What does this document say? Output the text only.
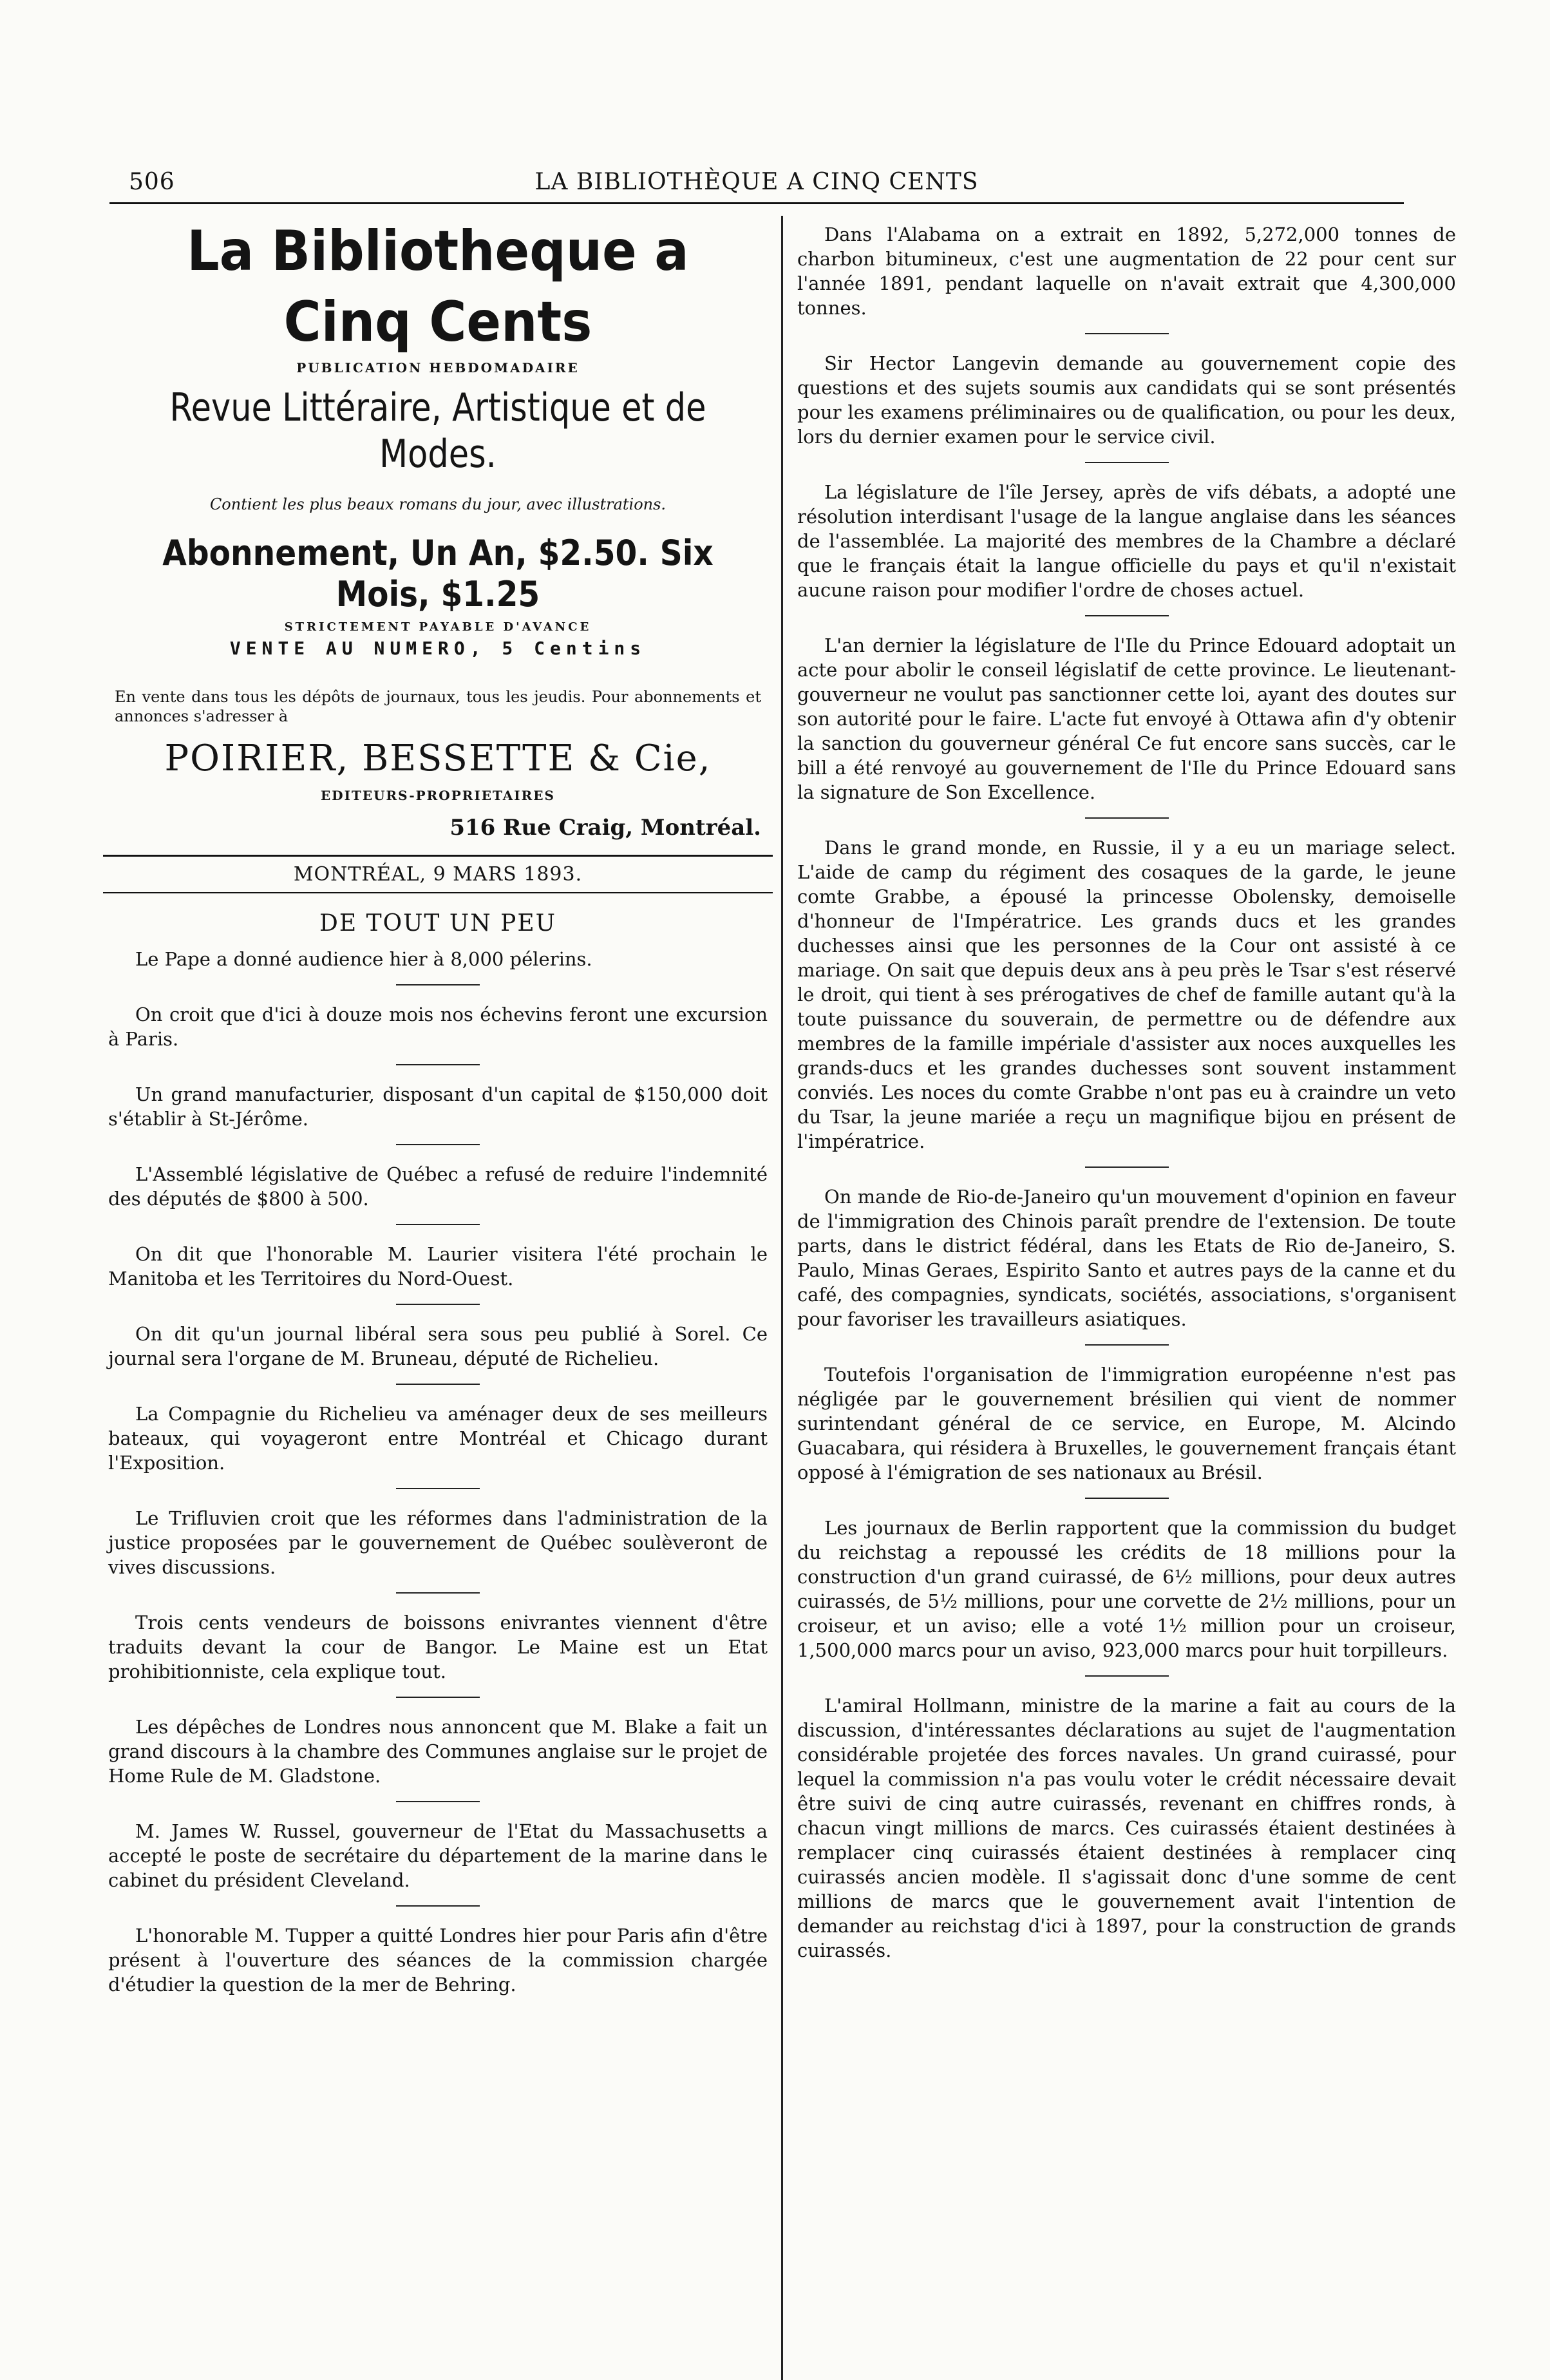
506	LA BIBLIOTHÈQUE A CINQ CENTS
La Bibliotheque a Cinq Cents
PUBLICATION HEBDOMADAIRE
Revue Littéraire, Artistique et de Modes.
Contient les plus beaux romans du jour, avec illustrations.
Abonnement, Un An, $2.50. Six Mois, $1.25
STRICTEMENT PAYABLE D'AVANCE
VENTE AU NUMERO, 5 Centins
En vente dans tous les dépôts de journaux, tous les jeudis. Pour abonnements et annonces s'adresser à
POIRIER, BESSETTE & Cie,
EDITEURS-PROPRIETAIRES
516 Rue Craig, Montréal.
MONTRÉAL, 9 MARS 1893.
DE TOUT UN PEU

Le Pape a donné audience hier à 8,000 pélerins.

On croit que d'ici à douze mois nos échevins feront une excursion à Paris.

Un grand manufacturier, disposant d'un capital de $150,000 doit s'établir à St-Jérôme.

L'Assemblé législative de Québec a refusé de reduire l'indemnité des députés de $800 à 500.

On dit que l'honorable M. Laurier visitera l'été prochain le Manitoba et les Territoires du Nord-Ouest.

On dit qu'un journal libéral sera sous peu publié à Sorel. Ce journal sera l'organe de M. Bruneau, député de Richelieu.

La Compagnie du Richelieu va aménager deux de ses meilleurs bateaux, qui voyageront entre Montréal et Chicago durant l'Exposition.

Le Trifluvien croit que les réformes dans l'administration de la justice proposées par le gouvernement de Québec soulèveront de vives discussions.

Trois cents vendeurs de boissons enivrantes viennent d'être traduits devant la cour de Bangor. Le Maine est un Etat prohibitionniste, cela explique tout.

Les dépêches de Londres nous annoncent que M. Blake a fait un grand discours à la chambre des Communes anglaise sur le projet de Home Rule de M. Gladstone.

M. James W. Russel, gouverneur de l'Etat du Massachusetts a accepté le poste de secrétaire du département de la marine dans le cabinet du président Cleveland.

L'honorable M. Tupper a quitté Londres hier pour Paris afin d'être présent à l'ouverture des séances de la commission chargée d'étudier la question de la mer de Behring.

Dans l'Alabama on a extrait en 1892, 5,272,000 tonnes de charbon bitumineux, c'est une augmentation de 22 pour cent sur l'année 1891, pendant laquelle on n'avait extrait que 4,300,000 tonnes.

Sir Hector Langevin demande au gouvernement copie des questions et des sujets soumis aux candidats qui se sont présentés pour les examens préliminaires ou de qualification, ou pour les deux, lors du dernier examen pour le service civil.

La législature de l'île Jersey, après de vifs débats, a adopté une résolution interdisant l'usage de la langue anglaise dans les séances de l'assemblée. La majorité des membres de la Chambre a déclaré que le français était la langue officielle du pays et qu'il n'existait aucune raison pour modifier l'ordre de choses actuel.

L'an dernier la législature de l'Ile du Prince Edouard adoptait un acte pour abolir le conseil législatif de cette province. Le lieutenant-gouverneur ne voulut pas sanctionner cette loi, ayant des doutes sur son autorité pour le faire. L'acte fut envoyé à Ottawa afin d'y obtenir la sanction du gouverneur général Ce fut encore sans succès, car le bill a été renvoyé au gouvernement de l'Ile du Prince Edouard sans la signature de Son Excellence.

Dans le grand monde, en Russie, il y a eu un mariage select. L'aide de camp du régiment des cosaques de la garde, le jeune comte Grabbe, a épousé la princesse Obolensky, demoiselle d'honneur de l'Impératrice. Les grands ducs et les grandes duchesses ainsi que les personnes de la Cour ont assisté à ce mariage. On sait que depuis deux ans à peu près le Tsar s'est réservé le droit, qui tient à ses prérogatives de chef de famille autant qu'à la toute puissance du souverain, de permettre ou de défendre aux membres de la famille impériale d'assister aux noces auxquelles les grands-ducs et les grandes duchesses sont souvent instamment conviés. Les noces du comte Grabbe n'ont pas eu à craindre un veto du Tsar, la jeune mariée a reçu un magnifique bijou en présent de l'impératrice.

On mande de Rio-de-Janeiro qu'un mouvement d'opinion en faveur de l'immigration des Chinois paraît prendre de l'extension. De toute parts, dans le district fédéral, dans les Etats de Rio de-Janeiro, S. Paulo, Minas Geraes, Espirito Santo et autres pays de la canne et du café, des compagnies, syndicats, sociétés, associations, s'organisent pour favoriser les travailleurs asiatiques.

Toutefois l'organisation de l'immigration européenne n'est pas négligée par le gouvernement brésilien qui vient de nommer surintendant général de ce service, en Europe, M. Alcindo Guacabara, qui résidera à Bruxelles, le gouvernement français étant opposé à l'émigration de ses nationaux au Brésil.

Les journaux de Berlin rapportent que la commission du budget du reichstag a repoussé les crédits de 18 millions pour la construction d'un grand cuirassé, de 6½ millions, pour deux autres cuirassés, de 5½ millions, pour une corvette de 2½ millions, pour un croiseur, et un aviso; elle a voté 1½ million pour un croiseur, 1,500,000 marcs pour un aviso, 923,000 marcs pour huit torpilleurs.

L'amiral Hollmann, ministre de la marine a fait au cours de la discussion, d'intéressantes déclarations au sujet de l'augmentation considérable projetée des forces navales. Un grand cuirassé, pour lequel la commission n'a pas voulu voter le crédit nécessaire devait être suivi de cinq autre cuirassés, revenant en chiffres ronds, à chacun vingt millions de marcs. Ces cuirassés étaient destinées à remplacer cinq cuirassés étaient destinées à remplacer cinq cuirassés ancien modèle. Il s'agissait donc d'une somme de cent millions de marcs que le gouvernement avait l'intention de demander au reichstag d'ici à 1897, pour la construction de grands cuirassés.
